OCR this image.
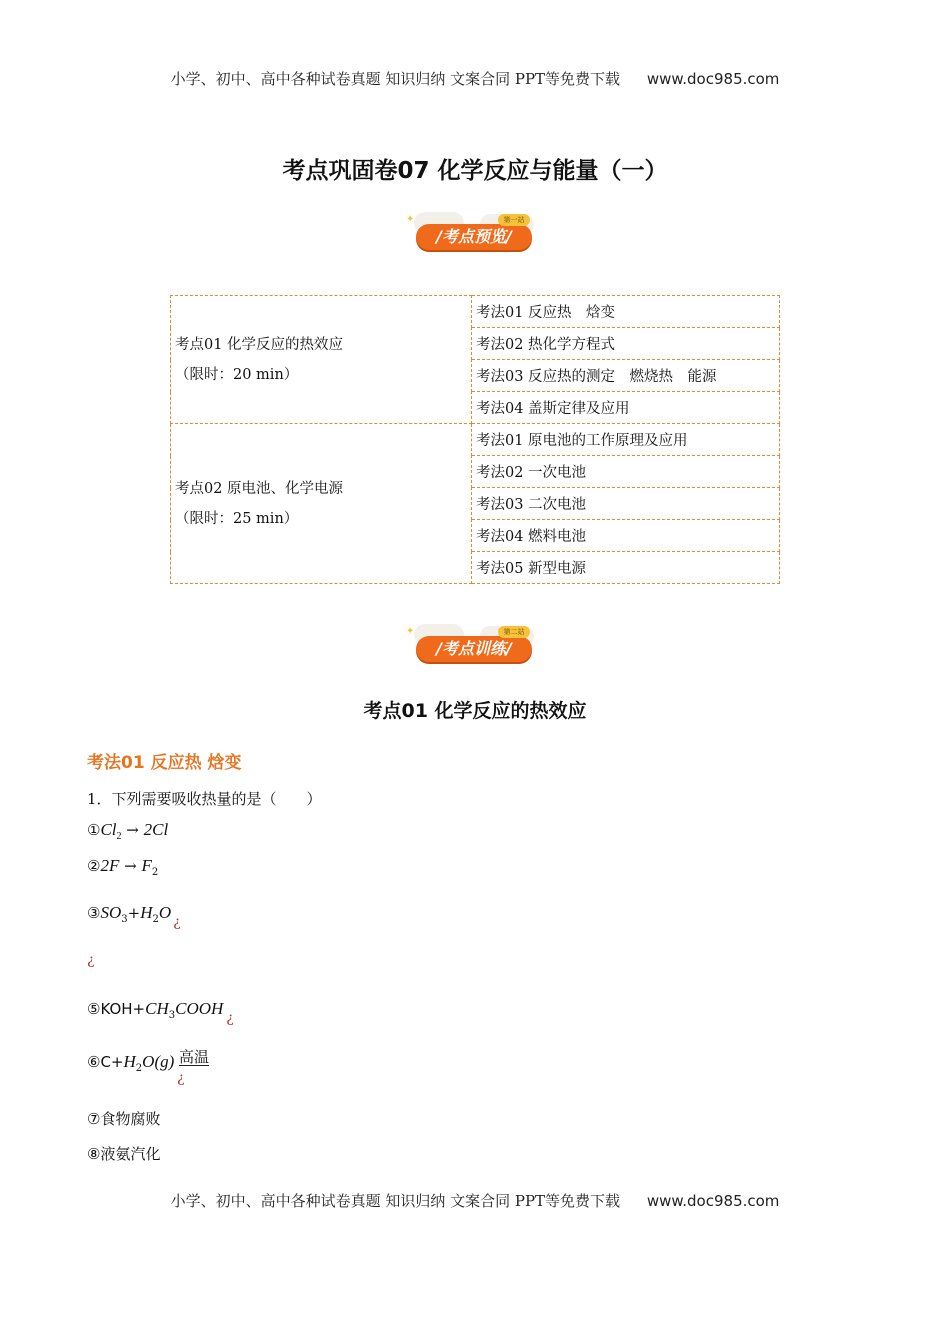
小学、初中、高中各种试卷真题 知识归纳 文案合同 PPT等免费下载 www.doc985.com
考点巩固卷07 化学反应与能量（一）
✦
/考点预览/
第一站
考点01 化学反应的热效应
（限时：20 min）	考法01 反应热　焓变
	考法02 热化学方程式
	考法03 反应热的测定　燃烧热　能源
	考法04 盖斯定律及应用

考点02 原电池、化学电源
（限时：25 min）	考法01 原电池的工作原理及应用
	考法02 一次电池
	考法03 二次电池
	考法04 燃料电池
	考法05 新型电源
✦
/考点训练/
第二站
考点01 化学反应的热效应
考法01 反应热 焓变
1．下列需要吸收热量的是（　　）
$①Cl_2 \to 2Cl$
②2F → $F_2$
$③SO_3+H_2O$ ¿
¿
$⑤KOH+CH_3COOH$ ¿
$⑥C+H_2O(g)$ 高温
¿
⑦食物腐败
⑧液氨汽化
小学、初中、高中各种试卷真题 知识归纳 文案合同 PPT等免费下载 www.doc985.com
